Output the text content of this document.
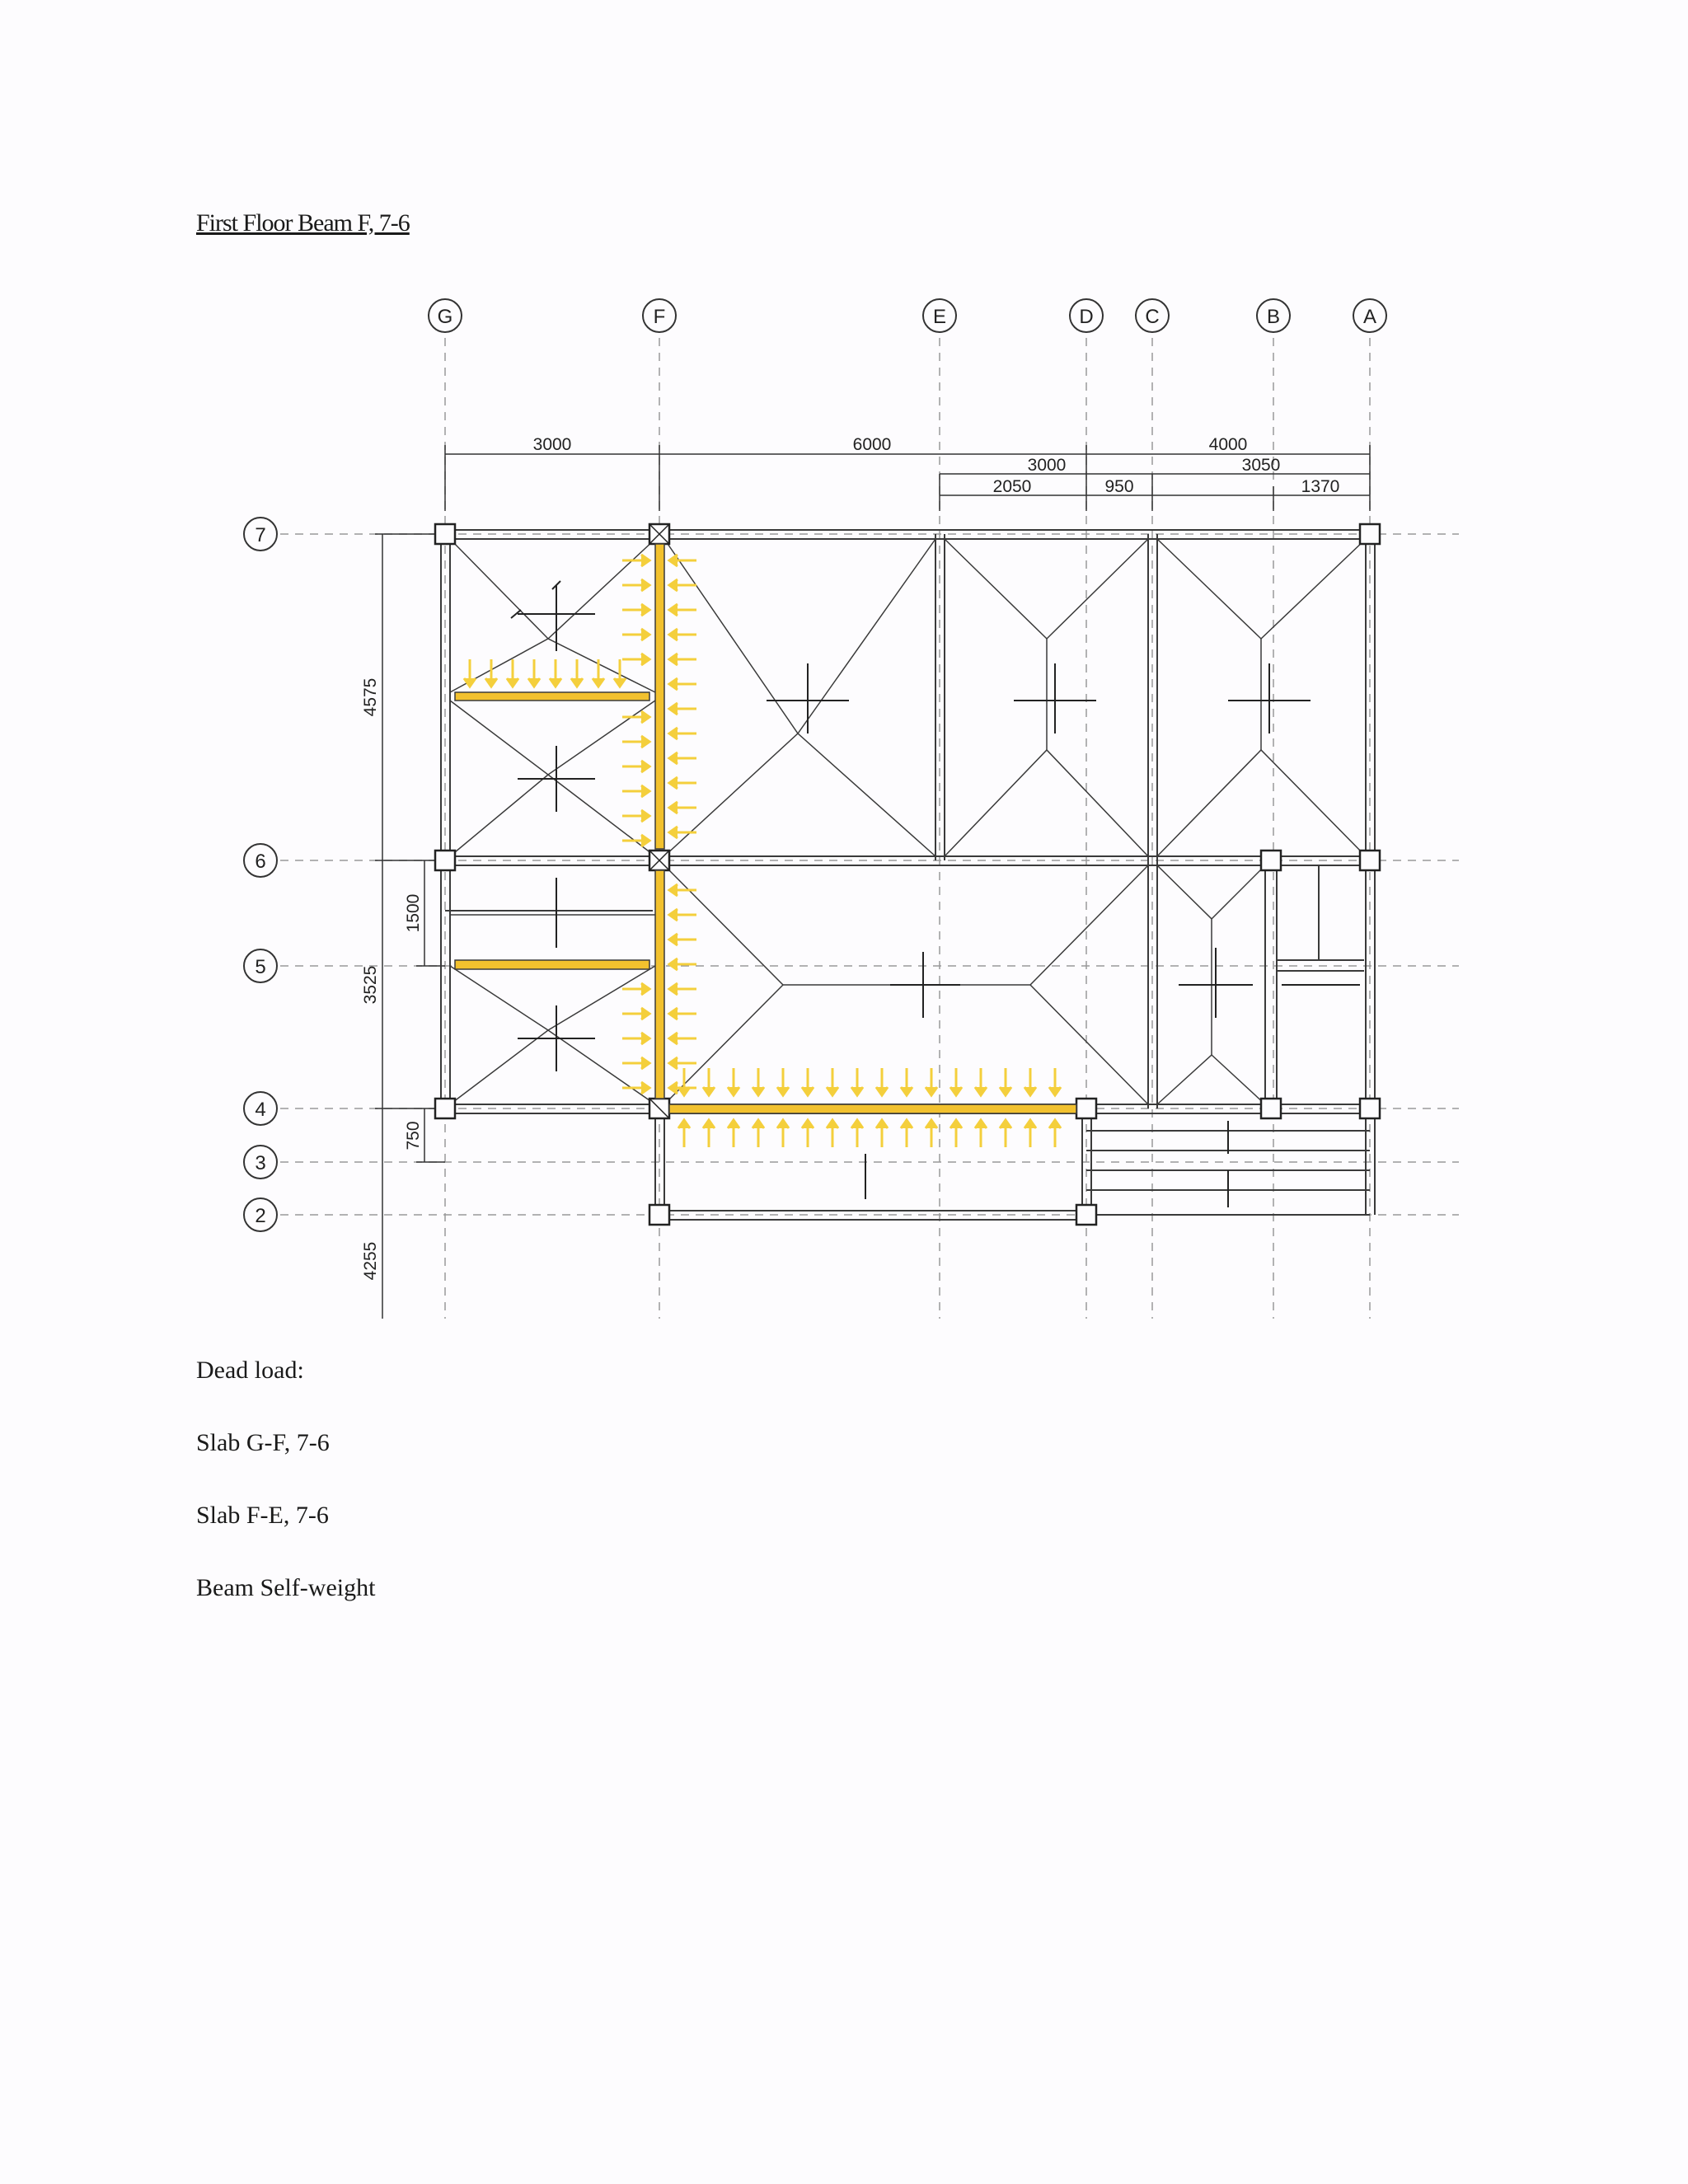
First Floor Beam F, 7-6
G	F	E	D	C	B	A
7
6
5
4
3
2
3000	6000	4000
3000	3050
2050	950	1370
4575
3525
4255
1500
750
Dead load:
Slab G-F, 7-6
Slab F-E, 7-6
Beam Self-weight
